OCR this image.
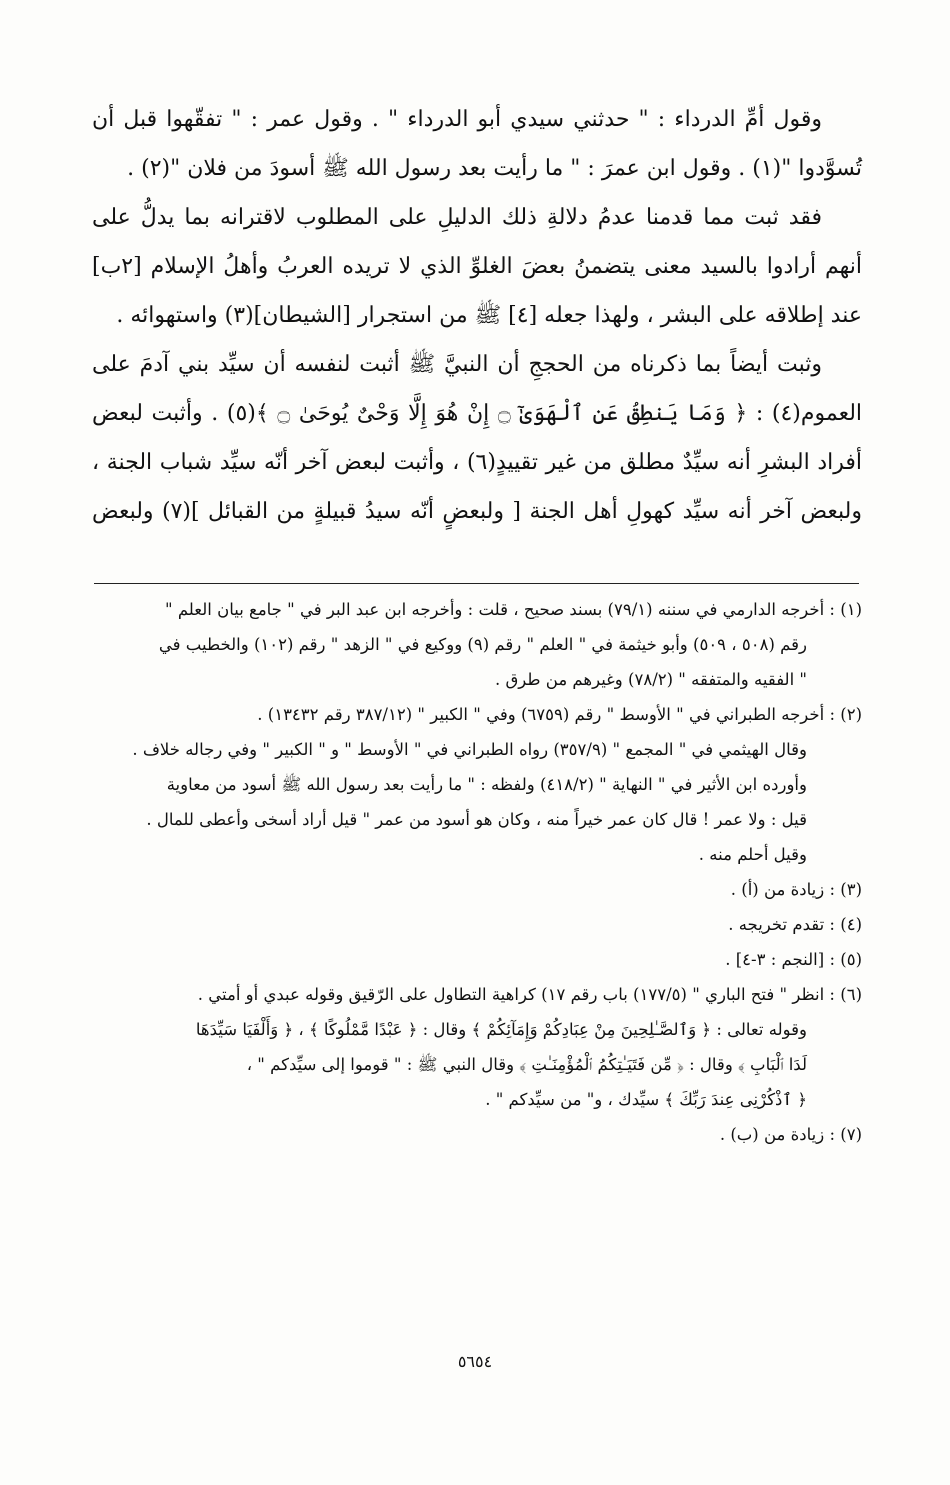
وقول أمِّ الدرداء : " حدثني سيدي أبو الدرداء " . وقول عمر : " تفقّهوا قبل أن تُسوَّدوا "(١) . وقول ابن عمرَ : " ما رأيت بعد رسول الله ﷺ أسودَ من فلان "(٢) .

فقد ثبت مما قدمنا عدمُ دلالةِ ذلك الدليلِ على المطلوب لاقترانه بما يدلُّ على أنهم أرادوا بالسيد معنى يتضمنُ بعضَ الغلوِّ الذي لا تريده العربُ وأهلُ الإسلام [٢ب] عند إطلاقه على البشر ، ولهذا جعله [٤] ﷺ من استجرار [الشيطان](٣) واستهوائه .

وثبت أيضاً بما ذكرناه من الحججِ أن النبيَّ ﷺ أثبت لنفسه أن سيِّد بني آدمَ على العموم(٤) : ﴿ وَمَا يَنطِقُ عَنِ ٱلْهَوَىٰٓ ۝ إِنْ هُوَ إِلَّا وَحْىٌ يُوحَىٰ ۝ ﴾(٥) . وأثبت لبعض أفراد البشرِ أنه سيِّدٌ مطلق من غير تقييدٍ(٦) ، وأثبت لبعض آخر أنّه سيِّد شباب الجنة ، ولبعض آخر أنه سيِّد كهولِ أهل الجنة [ ولبعضٍ أنّه سيدُ قبيلةٍ من القبائل ](٧) ولبعض

(١) : أخرجه الدارمي في سننه (٧٩/١) بسند صحيح ، قلت : وأخرجه ابن عبد البر في " جامع بيان العلم "

رقم (٥٠٨ ، ٥٠٩) وأبو خيثمة في " العلم " رقم (٩) ووكيع في " الزهد " رقم (١٠٢) والخطيب في

" الفقيه والمتفقه " (٧٨/٢) وغيرهم من طرق .

(٢) : أخرجه الطبراني في " الأوسط " رقم (٦٧٥٩) وفي " الكبير " (٣٨٧/١٢ رقم ١٣٤٣٢) .

وقال الهيثمي في " المجمع " (٣٥٧/٩) رواه الطبراني في " الأوسط " و " الكبير " وفي رجاله خلاف .

وأورده ابن الأثير في " النهاية " (٤١٨/٢) ولفظه : " ما رأيت بعد رسول الله ﷺ أسود من معاوية

قيل : ولا عمر ! قال كان عمر خيراً منه ، وكان هو أسود من عمر " قيل أراد أسخى وأعطى للمال .

وقيل أحلم منه .

(٣) : زيادة من (أ) .

(٤) : تقدم تخريجه .

(٥) : [النجم : ٣-٤] .

(٦) : انظر " فتح الباري " (١٧٧/٥) باب رقم ١٧) كراهية التطاول على الرّقيق وقوله عبدي أو أمتي .

وقوله تعالى : ﴿ وَٱلصَّـٰلِحِينَ مِنْ عِبَادِكُمْ وَإِمَآئِكُمْ ﴾ وقال : ﴿ عَبْدًا مَّمْلُوكًا ﴾ ، ﴿ وَأَلْفَيَا سَيِّدَهَا

لَدَا ٱلْبَابِ ﴾ وقال : ﴿ مِّن فَتَيَـٰتِكُمُ ٱلْمُؤْمِنَـٰتِ ﴾ وقال النبي ﷺ : " قوموا إلى سيِّدكم " ،

﴿ ٱذْكُرْنِى عِندَ رَبِّكَ ﴾ سيِّدك ، و" من سيِّدكم " .

(٧) : زيادة من (ب) .

٥٦٥٤
